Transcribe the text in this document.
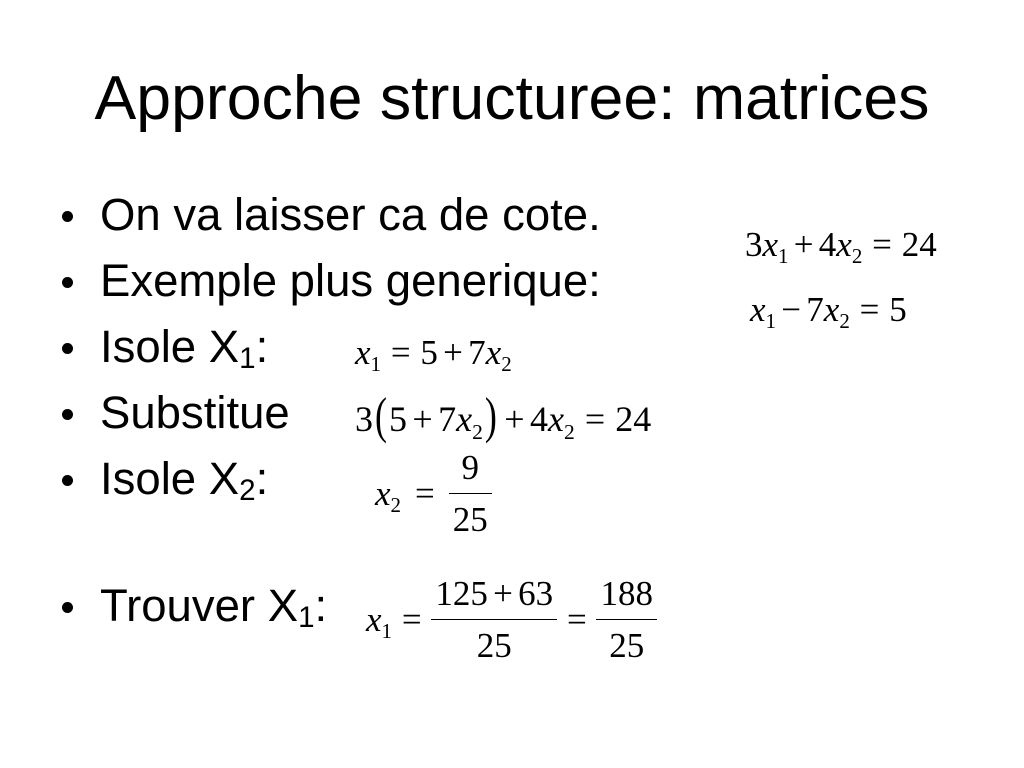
Approche structuree: matrices
On va laisser ca de cote.
Exemple plus generique:
Isole X1:
Substitue
Isole X2:
Trouver X1:
$3x_1 + 4x_2 = 24$
$x_1 - 7x_2 = 5$
$x_1 = 5 + 7x_2$
$3(5 + 7x_2) + 4x_2 = 24$
$x_2 = \frac{9}{25}$
$x_1 = \frac{125 + 63}{25} = \frac{188}{25}$
